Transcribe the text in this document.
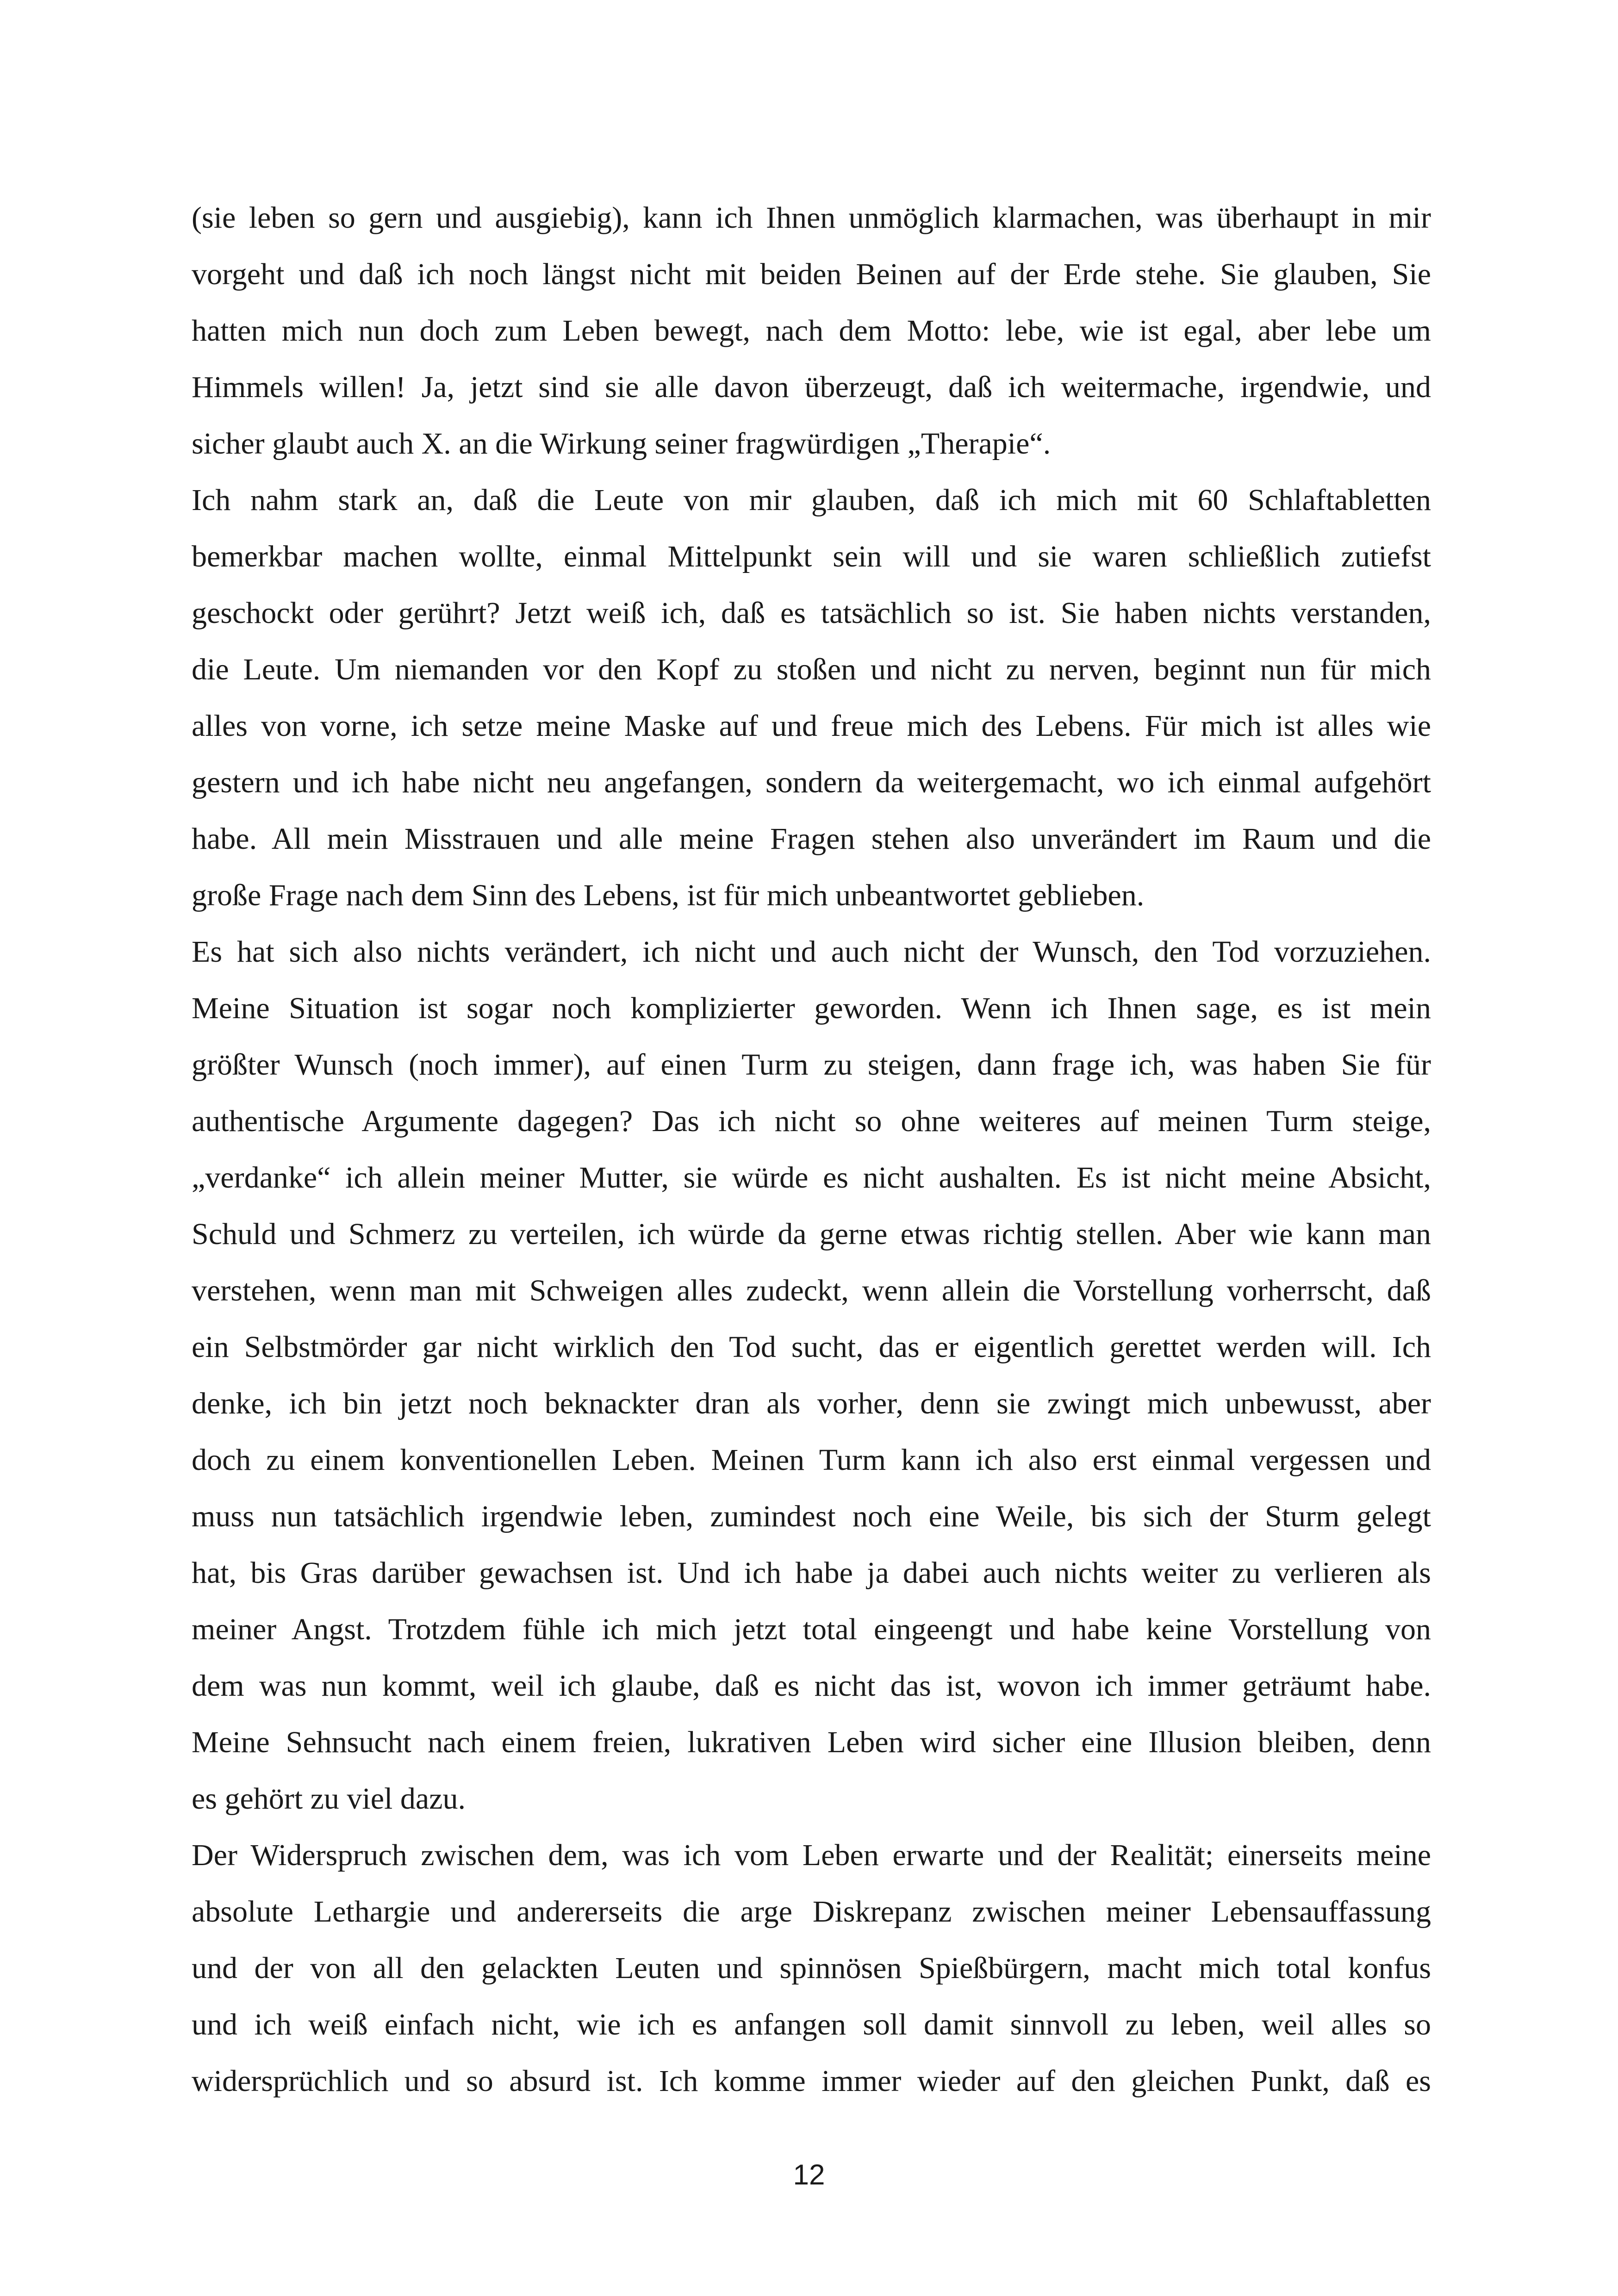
(sie leben so gern und ausgiebig), kann ich Ihnen unmöglich klarmachen, was überhaupt in mir
vorgeht und daß ich noch längst nicht mit beiden Beinen auf der Erde stehe. Sie glauben, Sie
hatten mich nun doch zum Leben bewegt, nach dem Motto: lebe, wie ist egal, aber lebe um
Himmels willen! Ja, jetzt sind sie alle davon überzeugt, daß ich weitermache, irgendwie, und
sicher glaubt auch X. an die Wirkung seiner fragwürdigen „Therapie“.
Ich nahm stark an, daß die Leute von mir glauben, daß ich mich mit 60 Schlaftabletten
bemerkbar machen wollte, einmal Mittelpunkt sein will und sie waren schließlich zutiefst
geschockt oder gerührt? Jetzt weiß ich, daß es tatsächlich so ist. Sie haben nichts verstanden,
die Leute. Um niemanden vor den Kopf zu stoßen und nicht zu nerven, beginnt nun für mich
alles von vorne, ich setze meine Maske auf und freue mich des Lebens. Für mich ist alles wie
gestern und ich habe nicht neu angefangen, sondern da weitergemacht, wo ich einmal aufgehört
habe. All mein Misstrauen und alle meine Fragen stehen also unverändert im Raum und die
große Frage nach dem Sinn des Lebens, ist für mich unbeantwortet geblieben.
Es hat sich also nichts verändert, ich nicht und auch nicht der Wunsch, den Tod vorzuziehen.
Meine Situation ist sogar noch komplizierter geworden. Wenn ich Ihnen sage, es ist mein
größter Wunsch (noch immer), auf einen Turm zu steigen, dann frage ich, was haben Sie für
authentische Argumente dagegen? Das ich nicht so ohne weiteres auf meinen Turm steige,
„verdanke“ ich allein meiner Mutter, sie würde es nicht aushalten. Es ist nicht meine Absicht,
Schuld und Schmerz zu verteilen, ich würde da gerne etwas richtig stellen. Aber wie kann man
verstehen, wenn man mit Schweigen alles zudeckt, wenn allein die Vorstellung vorherrscht, daß
ein Selbstmörder gar nicht wirklich den Tod sucht, das er eigentlich gerettet werden will. Ich
denke, ich bin jetzt noch beknackter dran als vorher, denn sie zwingt mich unbewusst, aber
doch zu einem konventionellen Leben. Meinen Turm kann ich also erst einmal vergessen und
muss nun tatsächlich irgendwie leben, zumindest noch eine Weile, bis sich der Sturm gelegt
hat, bis Gras darüber gewachsen ist. Und ich habe ja dabei auch nichts weiter zu verlieren als
meiner Angst. Trotzdem fühle ich mich jetzt total eingeengt und habe keine Vorstellung von
dem was nun kommt, weil ich glaube, daß es nicht das ist, wovon ich immer geträumt habe.
Meine Sehnsucht nach einem freien, lukrativen Leben wird sicher eine Illusion bleiben, denn
es gehört zu viel dazu.
Der Widerspruch zwischen dem, was ich vom Leben erwarte und der Realität; einerseits meine
absolute Lethargie und andererseits die arge Diskrepanz zwischen meiner Lebensauffassung
und der von all den gelackten Leuten und spinnösen Spießbürgern, macht mich total konfus
und ich weiß einfach nicht, wie ich es anfangen soll damit sinnvoll zu leben, weil alles so
widersprüchlich und so absurd ist. Ich komme immer wieder auf den gleichen Punkt, daß es
12
